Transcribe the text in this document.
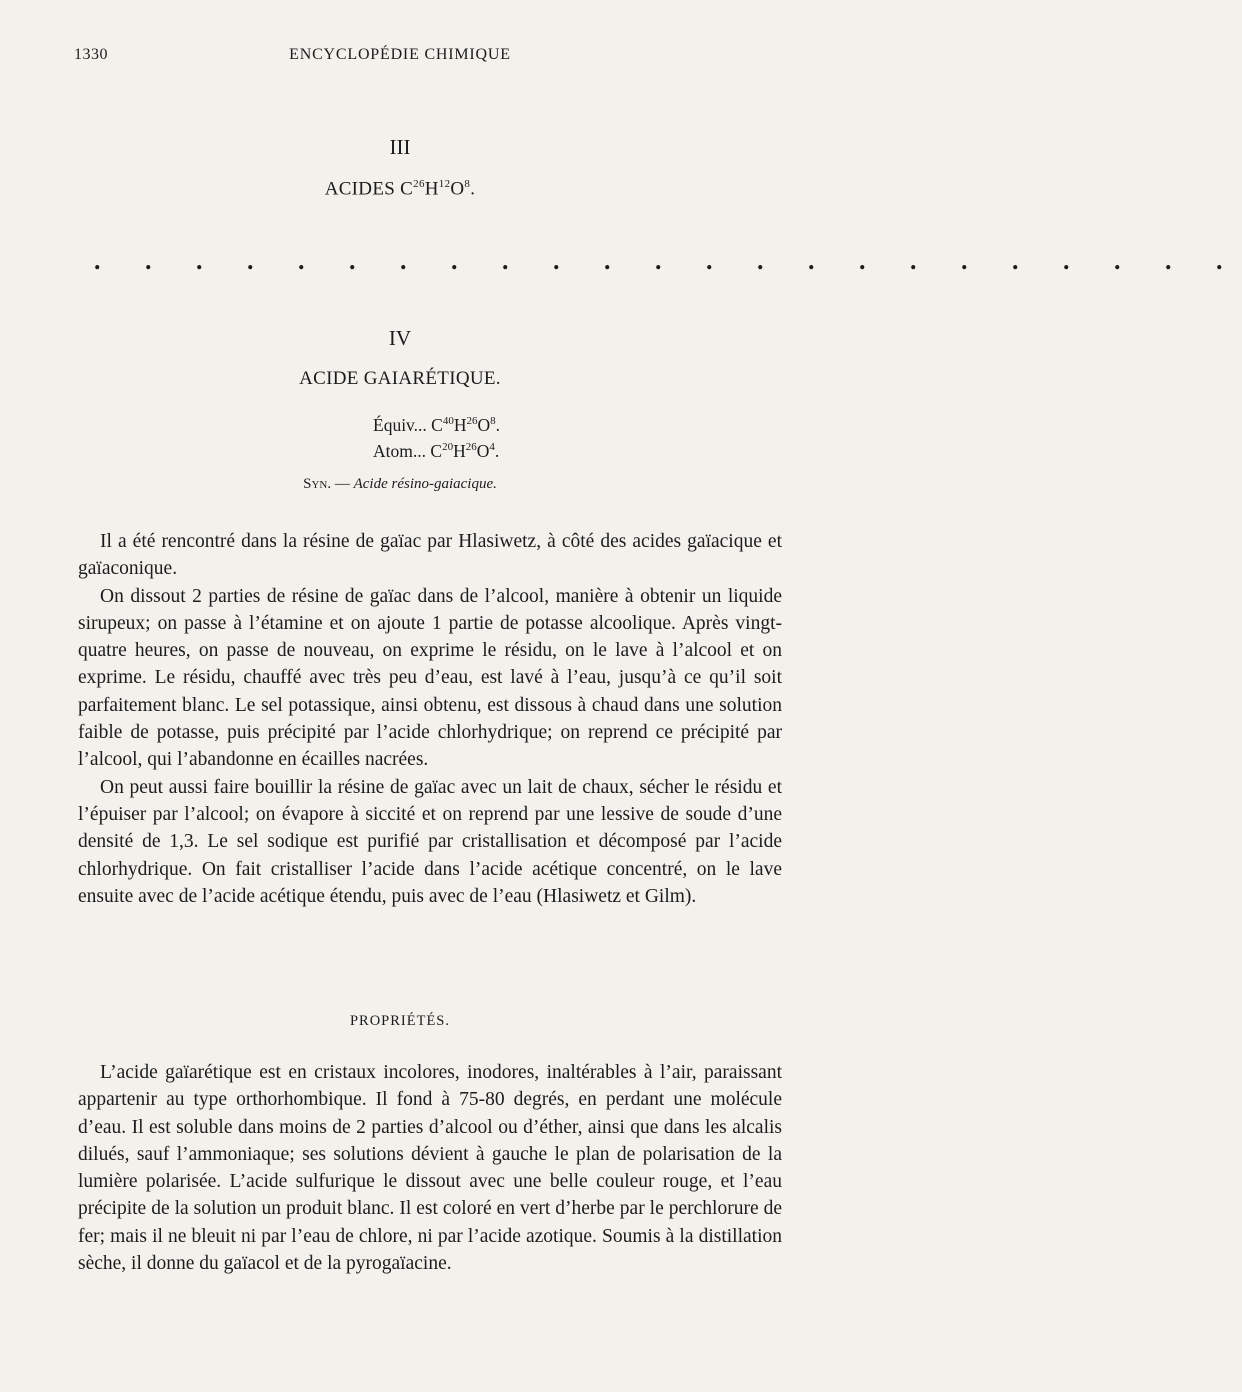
1330	ENCYCLOPÉDIE CHIMIQUE
III
ACIDES $C^{26}H^{12}O^8$.
. . . . . . . . . . . . . . . . . . . . . . .
IV
ACIDE GAIARÉTIQUE.
Équiv... $C^{40}H^{26}O^8$.
Atom... $C^{20}H^{26}O^4$.
Syn. — Acide résino-gaiacique.

Il a été rencontré dans la résine de gaïac par Hlasiwetz, à côté des acides gaïacique et gaïaconique.

On dissout 2 parties de résine de gaïac dans de l’alcool, manière à obtenir un liquide sirupeux; on passe à l’étamine et on ajoute 1 partie de potasse alcoolique. Après vingt-quatre heures, on passe de nouveau, on exprime le résidu, on le lave à l’alcool et on exprime. Le résidu, chauffé avec très peu d’eau, est lavé à l’eau, jusqu’à ce qu’il soit parfaitement blanc. Le sel potassique, ainsi obtenu, est dissous à chaud dans une solution faible de potasse, puis précipité par l’acide chlorhydrique; on reprend ce précipité par l’alcool, qui l’abandonne en écailles nacrées.

On peut aussi faire bouillir la résine de gaïac avec un lait de chaux, sécher le résidu et l’épuiser par l’alcool; on évapore à siccité et on reprend par une lessive de soude d’une densité de 1,3. Le sel sodique est purifié par cristallisation et décomposé par l’acide chlorhydrique. On fait cristalliser l’acide dans l’acide acétique concentré, on le lave ensuite avec de l’acide acétique étendu, puis avec de l’eau (Hlasiwetz et Gilm).

PROPRIÉTÉS.

L’acide gaïarétique est en cristaux incolores, inodores, inaltérables à l’air, paraissant appartenir au type orthorhombique. Il fond à 75-80 degrés, en perdant une molécule d’eau. Il est soluble dans moins de 2 parties d’alcool ou d’éther, ainsi que dans les alcalis dilués, sauf l’ammoniaque; ses solutions dévient à gauche le plan de polarisation de la lumière polarisée. L’acide sulfurique le dissout avec une belle couleur rouge, et l’eau précipite de la solution un produit blanc. Il est coloré en vert d’herbe par le perchlorure de fer; mais il ne bleuit ni par l’eau de chlore, ni par l’acide azotique. Soumis à la distillation sèche, il donne du gaïacol et de la pyrogaïacine.
